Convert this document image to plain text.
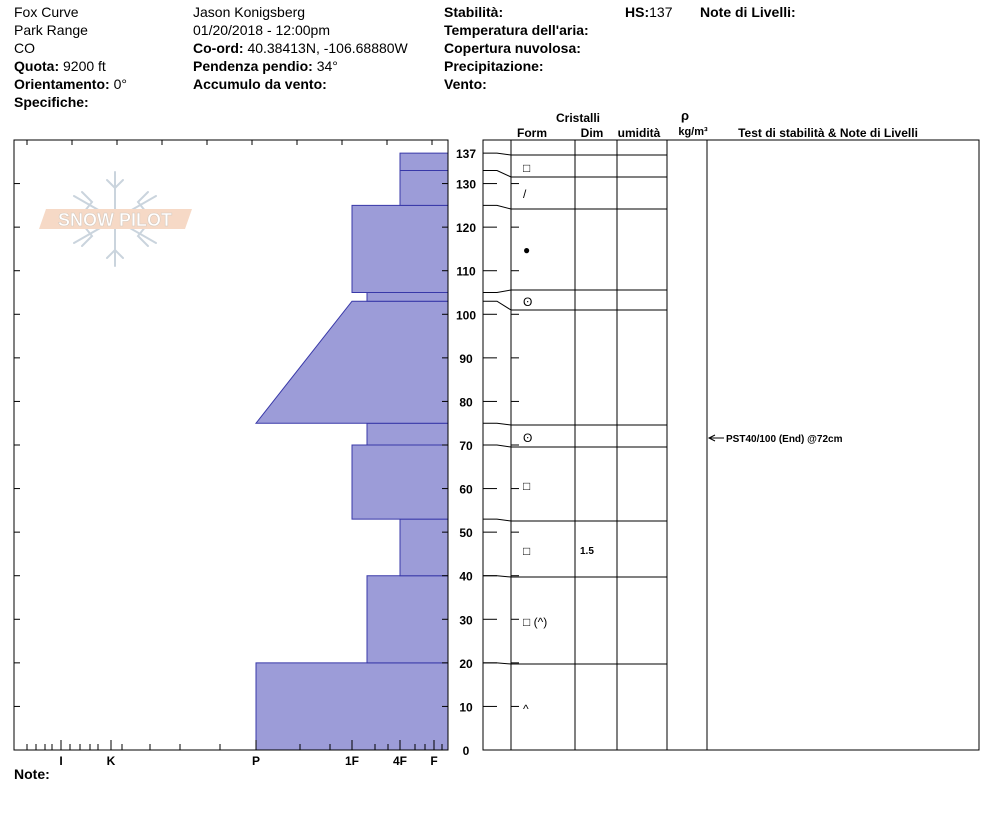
Fox Curve
Park Range
CO
Quota: 9200 ft
Orientamento: 0°
Specifiche:
Jason Konigsberg
01/20/2018 - 12:00pm
Co-ord: 40.38413N, -106.68880W
Pendenza pendio: 34°
Accumulo da vento:
Stabilità:
Temperatura dell'aria:
Copertura nuvolosa:
Precipitazione:
Vento:
HS:137 Note di Livelli:
Note:
I	K	P	1F	4F F
SNOW PILOT
0
10
20
30
40
50
60
70
80
90
100
110
120
130
137
^
□ (^)
□	1.5
□
ʘ
ʘ
●
/
□
PST40/100 (End) @72cm
Cristalli
Form	Dim umidità
ρ
kg/m³	Test di stabilità & Note di Livelli
